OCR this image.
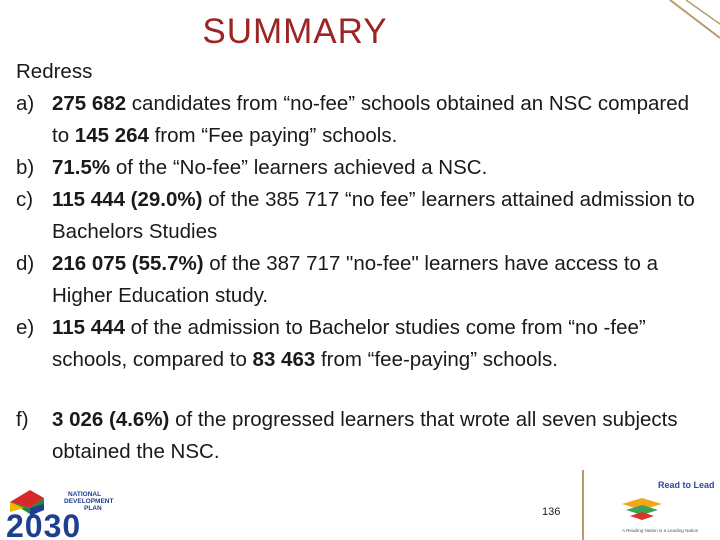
SUMMARY
Redress
a) 275 682 candidates from “no-fee” schools obtained an NSC compared to 145 264 from “Fee paying” schools.
b) 71.5% of the “No-fee” learners achieved a NSC.
c) 115 444 (29.0%) of the 385 717 “no fee” learners attained admission to Bachelors Studies
d) 216 075 (55.7%) of the 387 717 "no-fee" learners have access to a Higher Education study.
e) 115 444 of the admission to Bachelor studies come from “no -fee” schools, compared to 83 463 from “fee-paying” schools.
f)	3 026 (4.6%) of the progressed learners that wrote all seven subjects obtained the NSC.
136
NATIONAL
DEVELOPMENT
PLAN
2030
Read to Lead
A Reading Nation is a Leading Nation
